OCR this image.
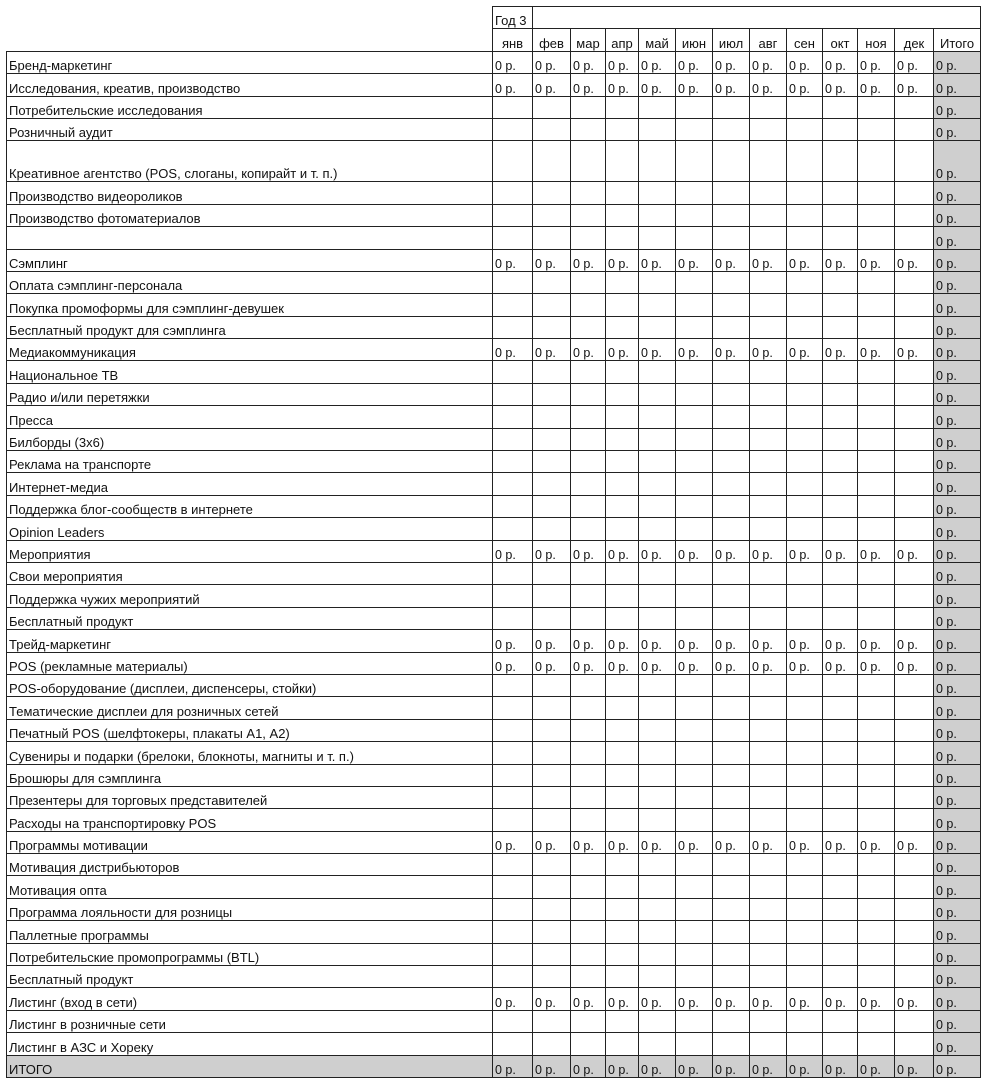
	Год 3												
	янв	фев	мар	апр	май	июн	июл	авг	сен	окт	ноя	дек	Итого
Бренд-маркетинг	0 р.	0 р.	0 р.	0 р.	0 р.	0 р.	0 р.	0 р.	0 р.	0 р.	0 р.	0 р.	0 р.
Исследования, креатив, производство	0 р.	0 р.	0 р.	0 р.	0 р.	0 р.	0 р.	0 р.	0 р.	0 р.	0 р.	0 р.	0 р.
Потребительские исследования													0 р.
Розничный аудит													0 р.
Креативное агентство (POS, слоганы, копирайт и т. п.)													0 р.
Производство видеороликов													0 р.
Производство фотоматериалов													0 р.
													0 р.
Сэмплинг	0 р.	0 р.	0 р.	0 р.	0 р.	0 р.	0 р.	0 р.	0 р.	0 р.	0 р.	0 р.	0 р.
Оплата сэмплинг-персонала													0 р.
Покупка промоформы для сэмплинг-девушек													0 р.
Бесплатный продукт для сэмплинга													0 р.
Медиакоммуникация	0 р.	0 р.	0 р.	0 р.	0 р.	0 р.	0 р.	0 р.	0 р.	0 р.	0 р.	0 р.	0 р.
Национальное ТВ													0 р.
Радио и/или перетяжки													0 р.
Пресса													0 р.
Билборды (3x6)													0 р.
Реклама на транспорте													0 р.
Интернет-медиа													0 р.
Поддержка блог-сообществ в интернете													0 р.
Opinion Leaders													0 р.
Мероприятия	0 р.	0 р.	0 р.	0 р.	0 р.	0 р.	0 р.	0 р.	0 р.	0 р.	0 р.	0 р.	0 р.
Свои мероприятия													0 р.
Поддержка чужих мероприятий													0 р.
Бесплатный продукт													0 р.
Трейд-маркетинг	0 р.	0 р.	0 р.	0 р.	0 р.	0 р.	0 р.	0 р.	0 р.	0 р.	0 р.	0 р.	0 р.
POS (рекламные материалы)	0 р.	0 р.	0 р.	0 р.	0 р.	0 р.	0 р.	0 р.	0 р.	0 р.	0 р.	0 р.	0 р.
POS-оборудование (дисплеи, диспенсеры, стойки)													0 р.
Тематические дисплеи для розничных сетей													0 р.
Печатный POS (шелфтокеры, плакаты А1, А2)													0 р.
Сувениры и подарки (брелоки, блокноты, магниты и т. п.)													0 р.
Брошюры для сэмплинга													0 р.
Презентеры для торговых представителей													0 р.
Расходы на транспортировку POS													0 р.
Программы мотивации	0 р.	0 р.	0 р.	0 р.	0 р.	0 р.	0 р.	0 р.	0 р.	0 р.	0 р.	0 р.	0 р.
Мотивация дистрибьюторов													0 р.
Мотивация опта													0 р.
Программа лояльности для розницы													0 р.
Паллетные программы													0 р.
Потребительские промопрограммы (BTL)													0 р.
Бесплатный продукт													0 р.
Листинг (вход в сети)	0 р.	0 р.	0 р.	0 р.	0 р.	0 р.	0 р.	0 р.	0 р.	0 р.	0 р.	0 р.	0 р.
Листинг в розничные сети													0 р.
Листинг в АЗС и Хореку													0 р.
ИТОГО	0 р.	0 р.	0 р.	0 р.	0 р.	0 р.	0 р.	0 р.	0 р.	0 р.	0 р.	0 р.	0 р.
